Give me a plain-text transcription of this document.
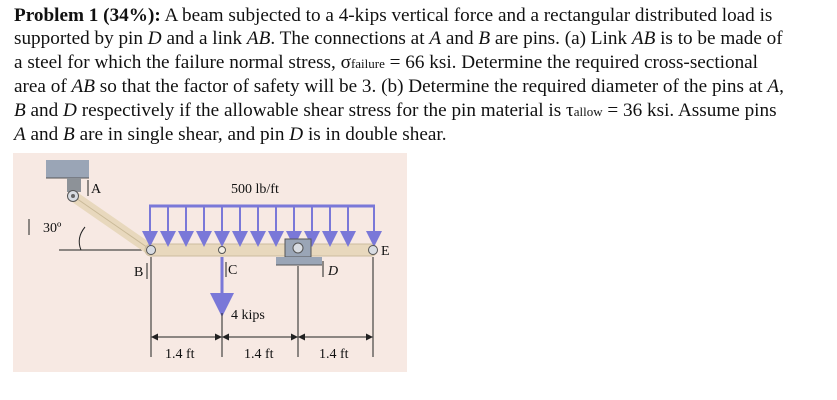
Problem 1 (34%): A beam subjected to a 4-kips vertical force and a rectangular distributed load is
supported by pin D and a link AB. The connections at A and B are pins. (a) Link AB is to be made of
a steel for which the failure normal stress, σfailure = 66 ksi. Determine the required cross-sectional
area of AB so that the factor of safety will be 3. (b) Determine the required diameter of the pins at A,
B and D respectively if the allowable shear stress for the pin material is τallow = 36 ksi. Assume pins
A and B are in single shear, and pin D is in double shear.
30º
500 lb/ft
A
B	C
4 kips
D
E
1.4 ft	1.4 ft	1.4 ft
